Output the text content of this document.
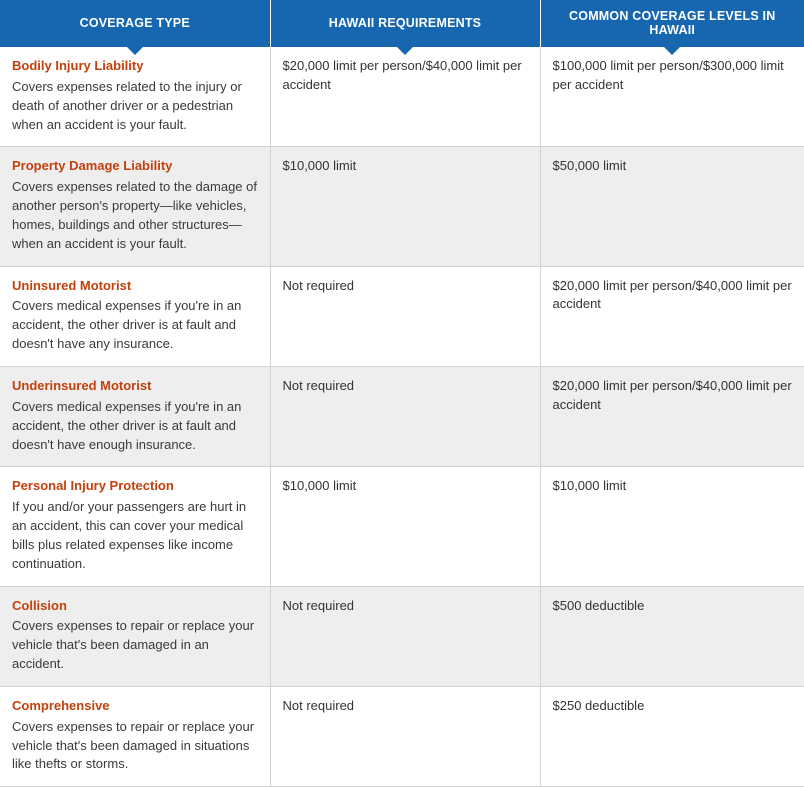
COVERAGE TYPE	HAWAII REQUIREMENTS	COMMON COVERAGE LEVELS IN HAWAII

Bodily Injury Liability
Covers expenses related to the injury or death of another driver or a pedestrian when an accident is your fault.	$20,000 limit per person/$40,000 limit per accident	$100,000 limit per person/$300,000 limit per accident

Property Damage Liability
Covers expenses related to the damage of another person's property—like vehicles, homes, buildings and other structures—when an accident is your fault.	$10,000 limit	$50,000 limit

Uninsured Motorist
Covers medical expenses if you're in an accident, the other driver is at fault and doesn't have any insurance.	Not required	$20,000 limit per person/$40,000 limit per accident

Underinsured Motorist
Covers medical expenses if you're in an accident, the other driver is at fault and doesn't have enough insurance.	Not required	$20,000 limit per person/$40,000 limit per accident

Personal Injury Protection
If you and/or your passengers are hurt in an accident, this can cover your medical bills plus related expenses like income continuation.	$10,000 limit	$10,000 limit

Collision
Covers expenses to repair or replace your vehicle that's been damaged in an accident.	Not required	$500 deductible

Comprehensive
Covers expenses to repair or replace your vehicle that's been damaged in situations like thefts or storms.	Not required	$250 deductible
